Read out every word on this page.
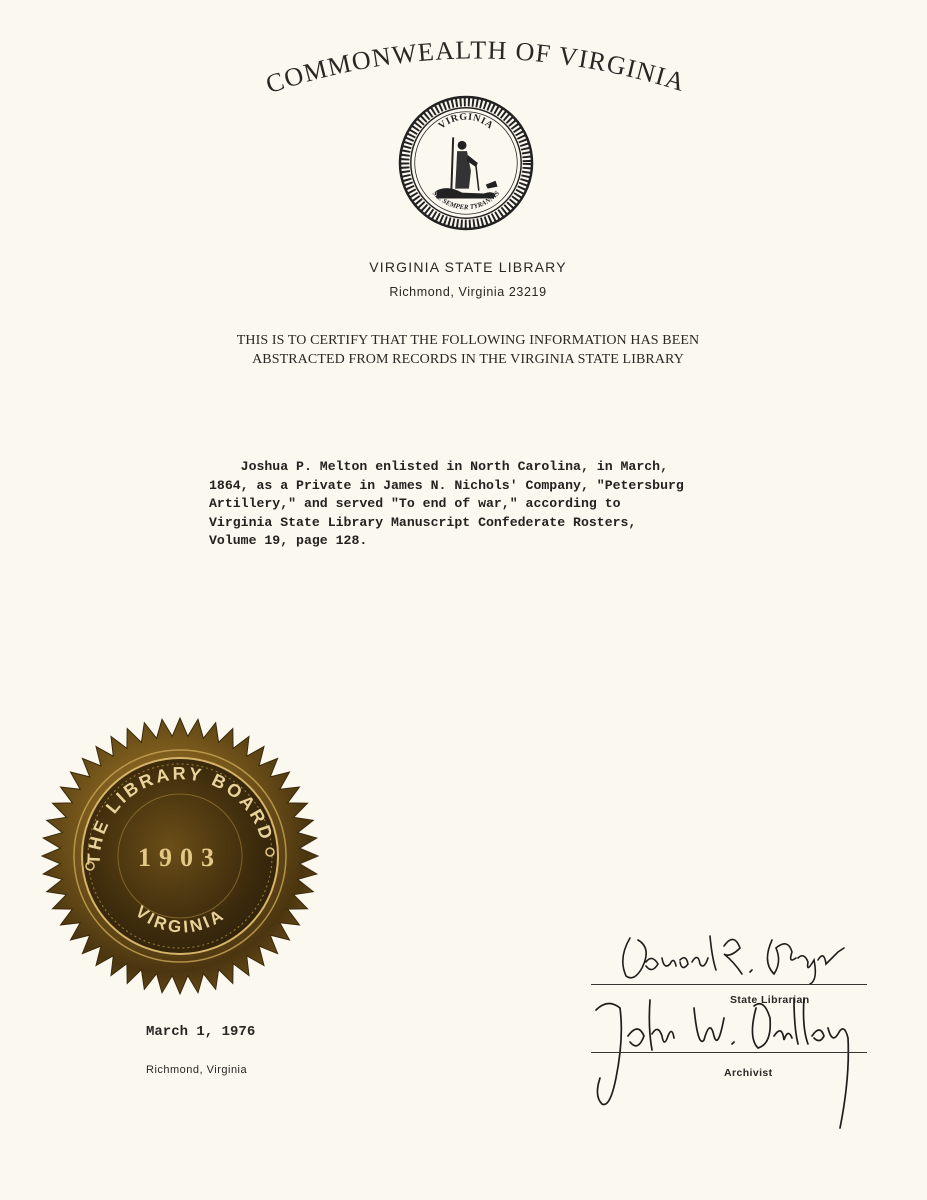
COMMONWEALTH OF VIRGINIA
VIRGINIA
SIC SEMPER TYRANNIS
VIRGINIA STATE LIBRARY
Richmond, Virginia 23219
THIS IS TO CERTIFY THAT THE FOLLOWING INFORMATION HAS BEEN
ABSTRACTED FROM RECORDS IN THE VIRGINIA STATE LIBRARY
Joshua P. Melton enlisted in North Carolina, in March,
1864, as a Private in James N. Nichols' Company, "Petersburg
Artillery," and served "To end of war," according to
Virginia State Library Manuscript Confederate Rosters,
Volume 19, page 128.
THE LIBRARY BOARD
1903
VIRGINIA
March 1, 1976
Richmond, Virginia
State Librarian
Archivist
